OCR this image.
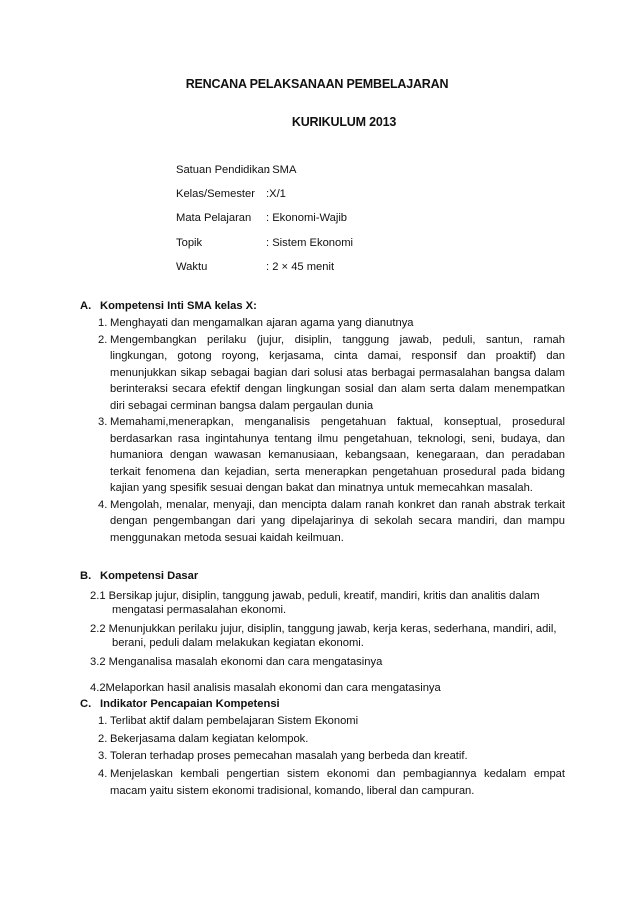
RENCANA PELAKSANAAN PEMBELAJARAN
KURIKULUM 2013
Satuan Pendidikan: SMA
Kelas/Semester :X/1
Mata Pelajaran : Ekonomi-Wajib
Topik	: Sistem Ekonomi
Waktu	: 2 × 45 menit
A. Kompetensi Inti SMA kelas X:
1. Menghayati dan mengamalkan ajaran agama yang dianutnya
2. Mengembangkan perilaku (jujur, disiplin, tanggung jawab, peduli, santun, ramah lingkungan, gotong royong, kerjasama, cinta damai, responsif dan proaktif) dan menunjukkan sikap sebagai bagian dari solusi atas berbagai permasalahan bangsa dalam berinteraksi secara efektif dengan lingkungan sosial dan alam serta dalam menempatkan diri sebagai cerminan bangsa dalam pergaulan dunia
3. Memahami,menerapkan, menganalisis pengetahuan faktual, konseptual, prosedural berdasarkan rasa ingintahunya tentang ilmu pengetahuan, teknologi, seni, budaya, dan humaniora dengan wawasan kemanusiaan, kebangsaan, kenegaraan, dan peradaban terkait fenomena dan kejadian, serta menerapkan pengetahuan prosedural pada bidang kajian yang spesifik sesuai dengan bakat dan minatnya untuk memecahkan masalah.
4. Mengolah, menalar, menyaji, dan mencipta dalam ranah konkret dan ranah abstrak terkait dengan pengembangan dari yang dipelajarinya di sekolah secara mandiri, dan mampu menggunakan metoda sesuai kaidah keilmuan.
B. Kompetensi Dasar
2.1 Bersikap jujur, disiplin, tanggung jawab, peduli, kreatif, mandiri, kritis dan analitis dalam mengatasi permasalahan ekonomi.
2.2 Menunjukkan perilaku jujur, disiplin, tanggung jawab, kerja keras, sederhana, mandiri, adil, berani, peduli dalam melakukan kegiatan ekonomi.
3.2 Menganalisa masalah ekonomi dan cara mengatasinya
4.2Melaporkan hasil analisis masalah ekonomi dan cara mengatasinya
C. Indikator Pencapaian Kompetensi
1. Terlibat aktif dalam pembelajaran Sistem Ekonomi
2. Bekerjasama dalam kegiatan kelompok.
3. Toleran terhadap proses pemecahan masalah yang berbeda dan kreatif.
4. Menjelaskan kembali pengertian sistem ekonomi dan pembagiannya kedalam empat macam yaitu sistem ekonomi tradisional, komando, liberal dan campuran.
